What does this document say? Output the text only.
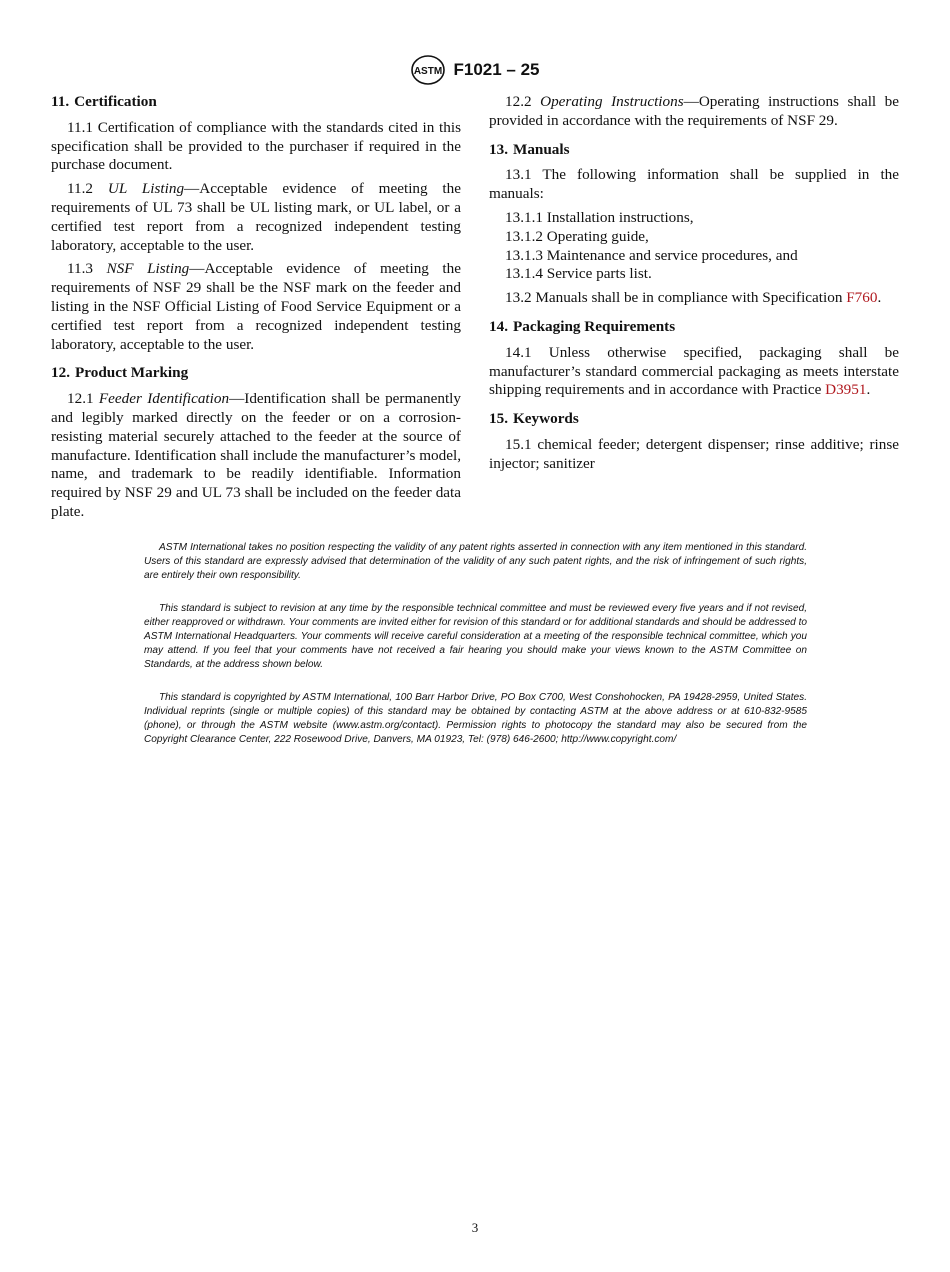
ASTM F1021 – 25
11. Certification

11.1 Certification of compliance with the standards cited in this specification shall be provided to the purchaser if required in the purchase document.

11.2 UL Listing—Acceptable evidence of meeting the requirements of UL 73 shall be UL listing mark, or UL label, or a certified test report from a recognized independent testing laboratory, acceptable to the user.

11.3 NSF Listing—Acceptable evidence of meeting the requirements of NSF 29 shall be the NSF mark on the feeder and listing in the NSF Official Listing of Food Service Equipment or a certified test report from a recognized independent testing laboratory, acceptable to the user.

12. Product Marking

12.1 Feeder Identification—Identification shall be permanently and legibly marked directly on the feeder or on a corrosion-resisting material securely attached to the feeder at the source of manufacture. Identification shall include the manufacturer’s model, name, and trademark to be readily identifiable. Information required by NSF 29 and UL 73 shall be included on the feeder data plate.

12.2 Operating Instructions—Operating instructions shall be provided in accordance with the requirements of NSF 29.

13. Manuals

13.1 The following information shall be supplied in the manuals:

13.1.1 Installation instructions,

13.1.2 Operating guide,

13.1.3 Maintenance and service procedures, and

13.1.4 Service parts list.

13.2 Manuals shall be in compliance with Specification F760.

14. Packaging Requirements

14.1 Unless otherwise specified, packaging shall be manufacturer’s standard commercial packaging as meets interstate shipping requirements and in accordance with Practice D3951.

15. Keywords

15.1 chemical feeder; detergent dispenser; rinse additive; rinse injector; sanitizer

ASTM International takes no position respecting the validity of any patent rights asserted in connection with any item mentioned in this standard. Users of this standard are expressly advised that determination of the validity of any such patent rights, and the risk of infringement of such rights, are entirely their own responsibility.

This standard is subject to revision at any time by the responsible technical committee and must be reviewed every five years and if not revised, either reapproved or withdrawn. Your comments are invited either for revision of this standard or for additional standards and should be addressed to ASTM International Headquarters. Your comments will receive careful consideration at a meeting of the responsible technical committee, which you may attend. If you feel that your comments have not received a fair hearing you should make your views known to the ASTM Committee on Standards, at the address shown below.

This standard is copyrighted by ASTM International, 100 Barr Harbor Drive, PO Box C700, West Conshohocken, PA 19428-2959, United States. Individual reprints (single or multiple copies) of this standard may be obtained by contacting ASTM at the above address or at 610-832-9585 (phone), or through the ASTM website (www.astm.org/contact). Permission rights to photocopy the standard may also be secured from the Copyright Clearance Center, 222 Rosewood Drive, Danvers, MA 01923, Tel: (978) 646-2600; http://www.copyright.com/

3
